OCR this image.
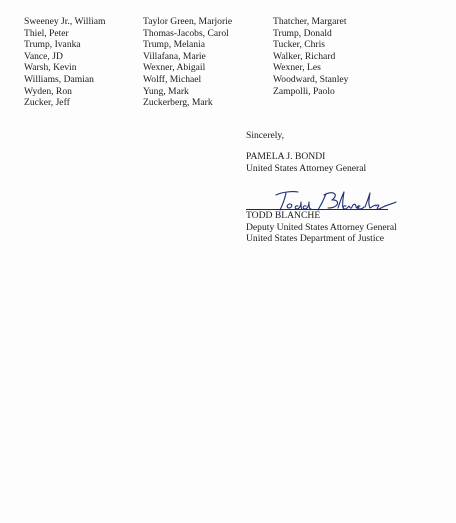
Sweeney Jr., William
Thiel, Peter
Trump, Ivanka
Vance, JD
Warsh, Kevin
Williams, Damian
Wyden, Ron
Zucker, Jeff
Taylor Green, Marjorie
Thomas-Jacobs, Carol
Trump, Melania
Villafana, Marie
Wexner, Abigail
Wolff, Michael
Yung, Mark
Zuckerberg, Mark
Thatcher, Margaret
Trump, Donald
Tucker, Chris
Walker, Richard
Wexner, Les
Woodward, Stanley
Zampolli, Paolo
Sincerely,
PAMELA J. BONDI
United States Attorney General
TODD BLANCHE
Deputy United States Attorney General
United States Department of Justice
